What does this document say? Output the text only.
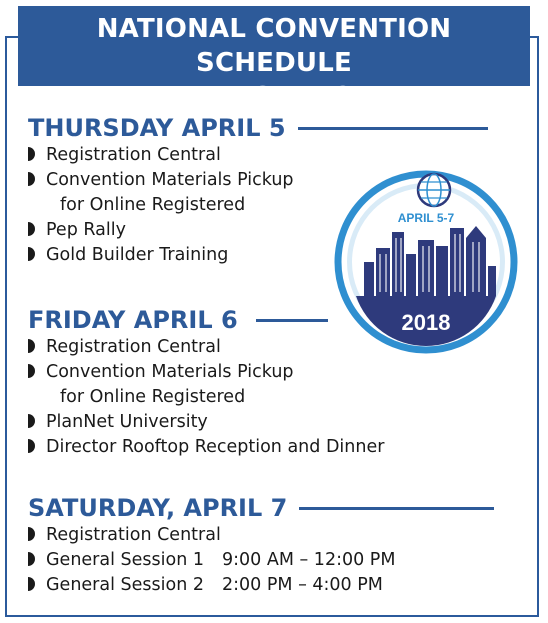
NATIONAL CONVENTION SCHEDULE
“AT A GLANCE”
THURSDAY APRIL 5
Registration Central
Convention Materials Pickup
for Online Registered
Pep Rally
Gold Builder Training
FRIDAY APRIL 6
Registration Central
Convention Materials Pickup
for Online Registered
PlanNet University
Director Rooftop Reception and Dinner
SATURDAY, APRIL 7
Registration Central
General Session 1 9:00 AM – 12:00 PM
General Session 2 2:00 PM – 4:00 PM
APRIL 5-7
2018
